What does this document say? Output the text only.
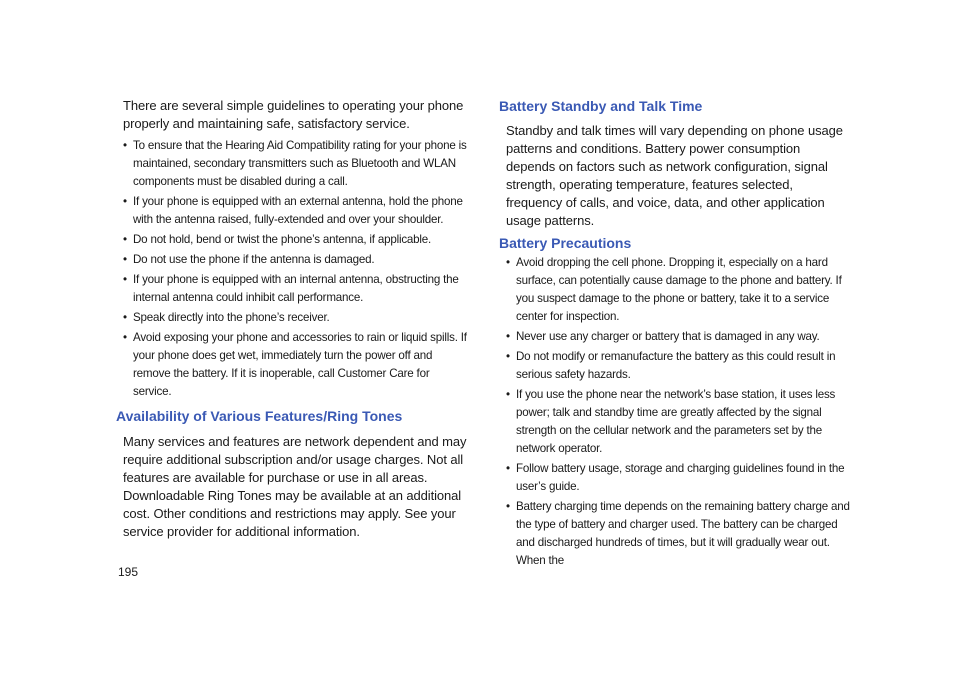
There are several simple guidelines to operating your phone properly and maintaining safe, satisfactory service.

• To ensure that the Hearing Aid Compatibility rating for your phone is maintained, secondary transmitters such as Bluetooth and WLAN components must be disabled during a call.
• If your phone is equipped with an external antenna, hold the phone with the antenna raised, fully-extended and over your shoulder.
• Do not hold, bend or twist the phone’s antenna, if applicable.
• Do not use the phone if the antenna is damaged.
• If your phone is equipped with an internal antenna, obstructing the internal antenna could inhibit call performance.
• Speak directly into the phone’s receiver.
• Avoid exposing your phone and accessories to rain or liquid spills. If your phone does get wet, immediately turn the power off and remove the battery. If it is inoperable, call Customer Care for service.
Availability of Various Features/Ring Tones

Many services and features are network dependent and may require additional subscription and/or usage charges. Not all features are available for purchase or use in all areas.

Downloadable Ring Tones may be available at an additional cost. Other conditions and restrictions may apply. See your service provider for additional information.

Battery Standby and Talk Time

Standby and talk times will vary depending on phone usage patterns and conditions. Battery power consumption depends on factors such as network configuration, signal strength, operating temperature, features selected, frequency of calls, and voice, data, and other application usage patterns.

Battery Precautions
• Avoid dropping the cell phone. Dropping it, especially on a hard surface, can potentially cause damage to the phone and battery. If you suspect damage to the phone or battery, take it to a service center for inspection.
• Never use any charger or battery that is damaged in any way.
• Do not modify or remanufacture the battery as this could result in serious safety hazards.
• If you use the phone near the network’s base station, it uses less power; talk and standby time are greatly affected by the signal strength on the cellular network and the parameters set by the network operator.
• Follow battery usage, storage and charging guidelines found in the user’s guide.
• Battery charging time depends on the remaining battery charge and the type of battery and charger used. The battery can be charged and discharged hundreds of times, but it will gradually wear out. When the
195
